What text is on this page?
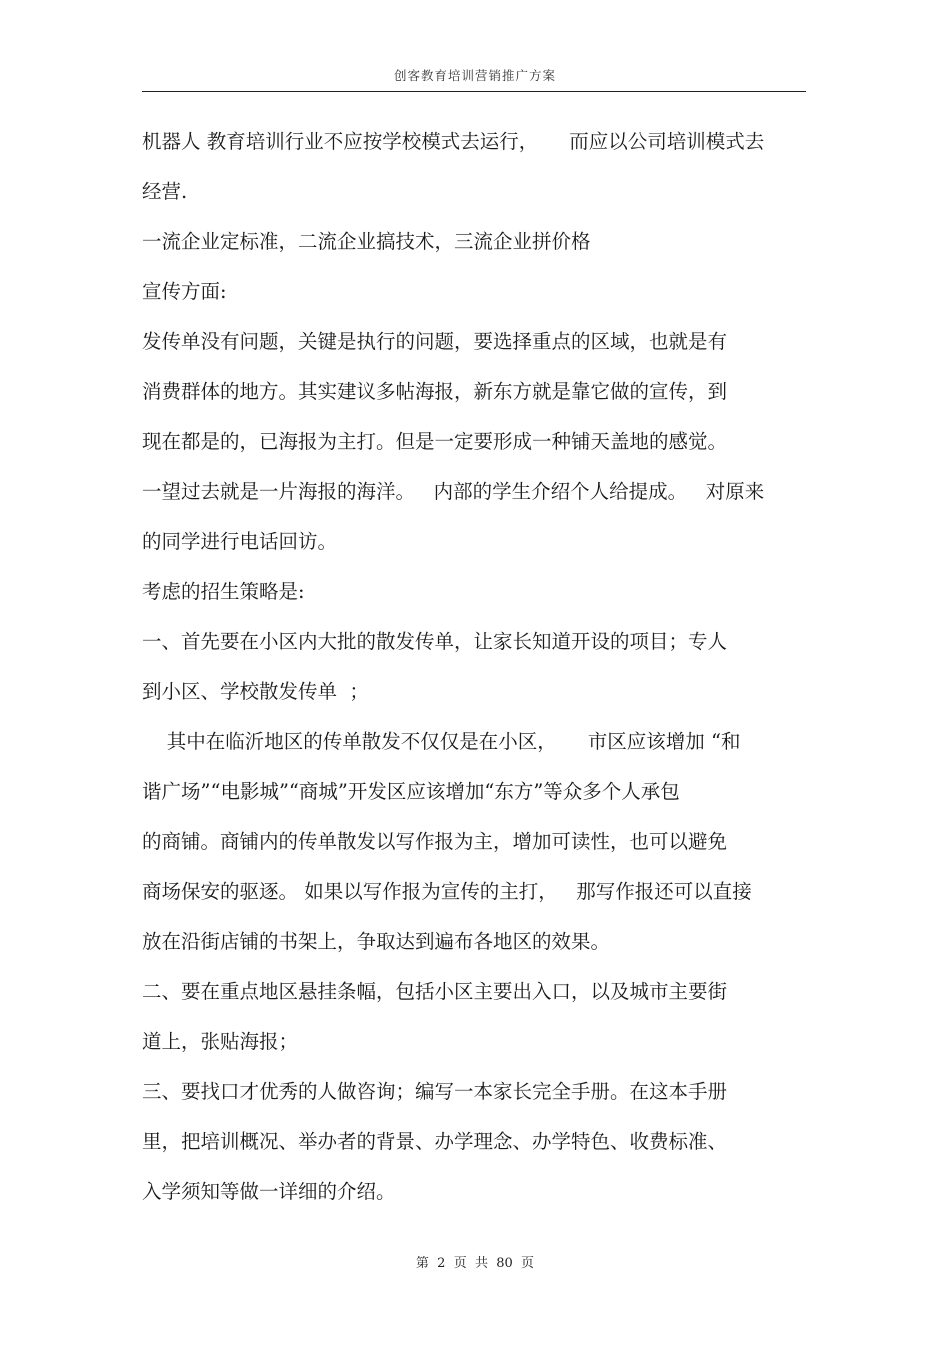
创客教育培训营销推广方案
机器人 教育培训行业不应按学校模式去运行，     而应以公司培训模式去
经营.
一流企业定标准，二流企业搞技术，三流企业拼价格
宣传方面:
发传单没有问题，关键是执行的问题，要选择重点的区域，也就是有
消费群体的地方。其实建议多帖海报，新东方就是靠它做的宣传，到
现在都是的，已海报为主打。但是一定要形成一种铺天盖地的感觉。
一望过去就是一片海报的海洋。   内部的学生介绍个人给提成。   对原来
的同学进行电话回访。
考虑的招生策略是:
一、首先要在小区内大批的散发传单，让家长知道开设的项目；专人
到小区、学校散发传单  ；
其中在临沂地区的传单散发不仅仅是在小区，     市区应该增加 “和
谐广场”“电影城”“商城”开发区应该增加“东方”等众多个人承包
的商铺。商铺内的传单散发以写作报为主，增加可读性，也可以避免
商场保安的驱逐。 如果以写作报为宣传的主打，   那写作报还可以直接
放在沿街店铺的书架上，争取达到遍布各地区的效果。
二、要在重点地区悬挂条幅，包括小区主要出入口，以及城市主要街
道上，张贴海报；
三、要找口才优秀的人做咨询；编写一本家长完全手册。在这本手册
里，把培训概况、举办者的背景、办学理念、办学特色、收费标准、
入学须知等做一详细的介绍。
第  2  页  共  80  页
